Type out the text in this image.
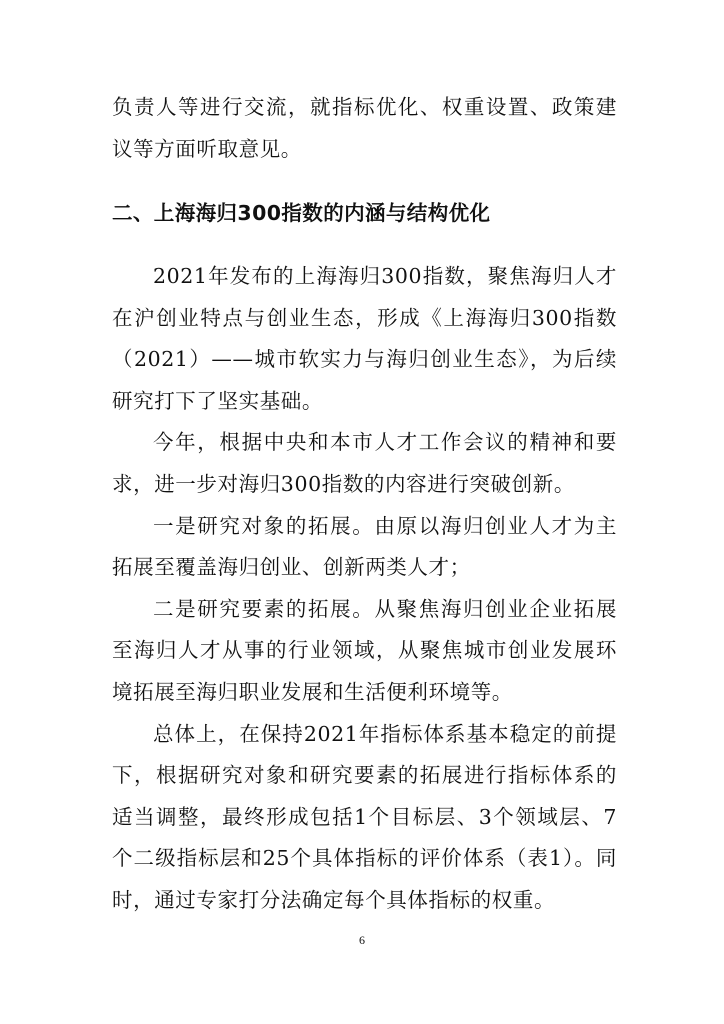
负责人等进行交流，就指标优化、权重设置、政策建议等方面听取意见。

二、上海海归300指数的内涵与结构优化

2021年发布的上海海归300指数，聚焦海归人才在沪创业特点与创业生态，形成《上海海归300指数（2021）——城市软实力与海归创业生态》，为后续研究打下了坚实基础。

今年，根据中央和本市人才工作会议的精神和要求，进一步对海归300指数的内容进行突破创新。

一是研究对象的拓展。由原以海归创业人才为主拓展至覆盖海归创业、创新两类人才；

二是研究要素的拓展。从聚焦海归创业企业拓展至海归人才从事的行业领域，从聚焦城市创业发展环境拓展至海归职业发展和生活便利环境等。

总体上，在保持2021年指标体系基本稳定的前提下，根据研究对象和研究要素的拓展进行指标体系的适当调整，最终形成包括1个目标层、3个领域层、7个二级指标层和25个具体指标的评价体系（表1）。同时，通过专家打分法确定每个具体指标的权重。

6
